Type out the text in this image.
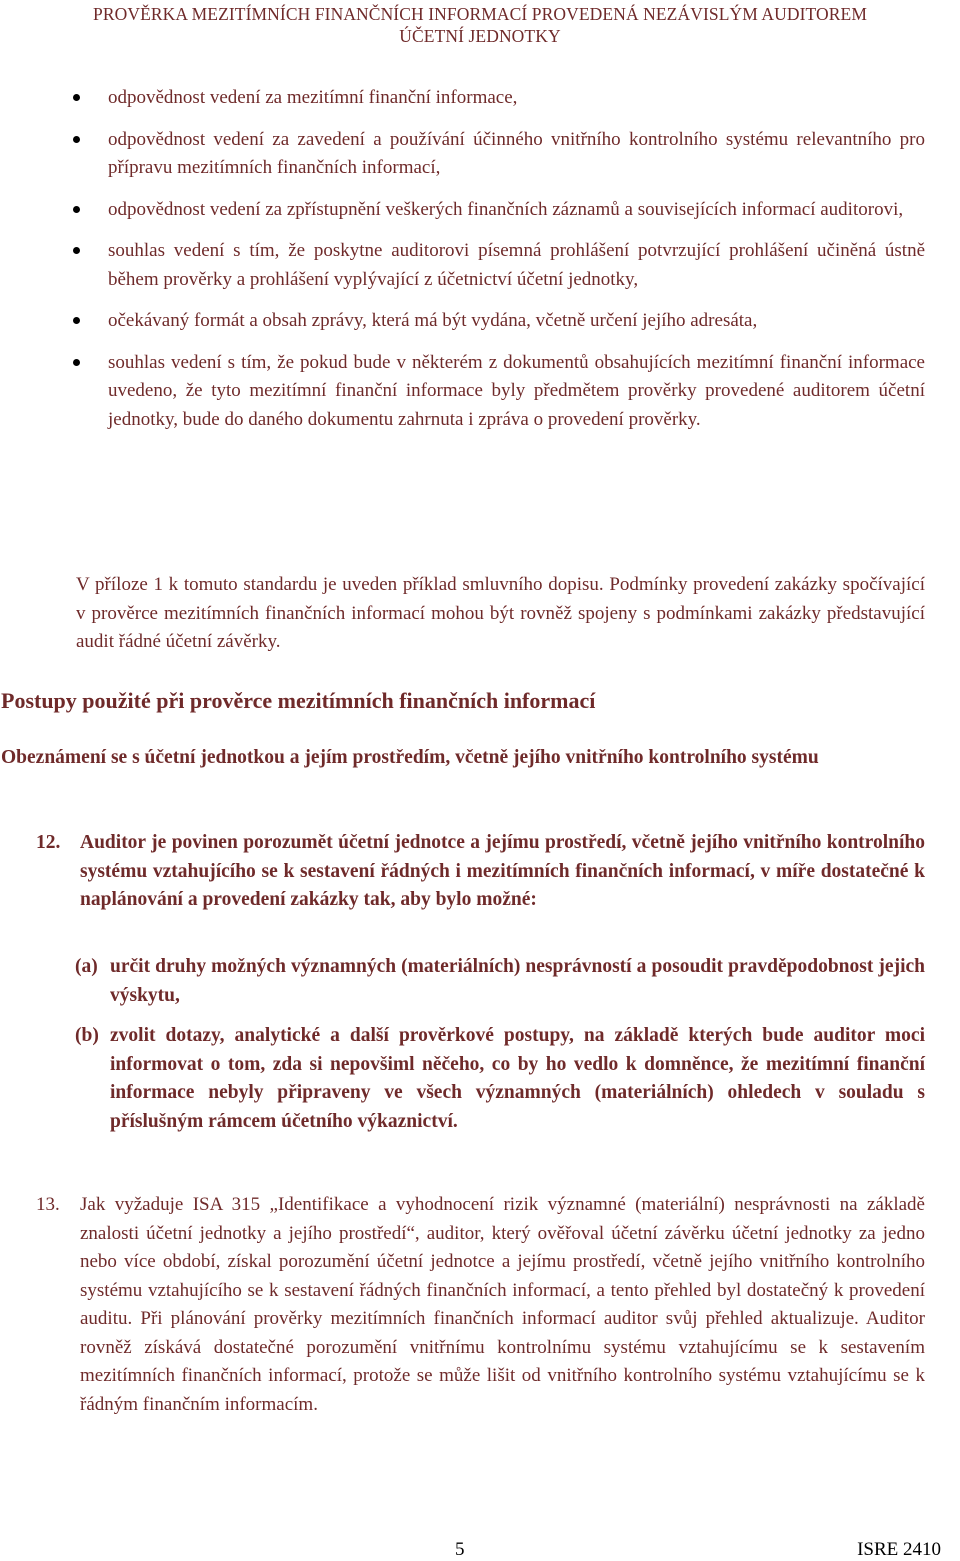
PROVĚRKA MEZITÍMNÍCH FINANČNÍCH INFORMACÍ PROVEDENÁ NEZÁVISLÝM AUDITOREM
ÚČETNÍ JEDNOTKY
odpovědnost vedení za mezitímní finanční informace,
odpovědnost vedení za zavedení a používání účinného vnitřního kontrolního systému relevantního pro přípravu mezitímních finančních informací,
odpovědnost vedení za zpřístupnění veškerých finančních záznamů a souvisejících informací auditorovi,
souhlas vedení s tím, že poskytne auditorovi písemná prohlášení potvrzující prohlášení učiněná ústně během prověrky a prohlášení vyplývající z účetnictví účetní jednotky,
očekávaný formát a obsah zprávy, která má být vydána, včetně určení jejího adresáta,
souhlas vedení s tím, že pokud bude v některém z dokumentů obsahujících mezitímní finanční informace uvedeno, že tyto mezitímní finanční informace byly předmětem prověrky provedené auditorem účetní jednotky, bude do daného dokumentu zahrnuta i zpráva o provedení prověrky.
V příloze 1 k tomuto standardu je uveden příklad smluvního dopisu. Podmínky provedení zakázky spočívající v prověrce mezitímních finančních informací mohou být rovněž spojeny s podmínkami zakázky představující audit řádné účetní závěrky.
Postupy použité při prověrce mezitímních finančních informací
Obeznámení se s účetní jednotkou a jejím prostředím, včetně jejího vnitřního kontrolního systému
12. Auditor je povinen porozumět účetní jednotce a jejímu prostředí, včetně jejího vnitřního kontrolního systému vztahujícího se k sestavení řádných i mezitímních finančních informací, v míře dostatečné k naplánování a provedení zakázky tak, aby bylo možné:
(a) určit druhy možných významných (materiálních) nesprávností a posoudit pravděpodobnost jejich výskytu,
(b) zvolit dotazy, analytické a další prověrkové postupy, na základě kterých bude auditor moci informovat o tom, zda si nepovšiml něčeho, co by ho vedlo k domněnce, že mezitímní finanční informace nebyly připraveny ve všech významných (materiálních) ohledech v souladu s příslušným rámcem účetního výkaznictví.
13. Jak vyžaduje ISA 315 „Identifikace a vyhodnocení rizik významné (materiální) nesprávnosti na základě znalosti účetní jednotky a jejího prostředí“, auditor, který ověřoval účetní závěrku účetní jednotky za jedno nebo více období, získal porozumění účetní jednotce a jejímu prostředí, včetně jejího vnitřního kontrolního systému vztahujícího se k sestavení řádných finančních informací, a tento přehled byl dostatečný k provedení auditu. Při plánování prověrky mezitímních finančních informací auditor svůj přehled aktualizuje. Auditor rovněž získává dostatečné porozumění vnitřnímu kontrolnímu systému vztahujícímu se k sestavením mezitímních finančních informací, protože se může lišit od vnitřního kontrolního systému vztahujícímu se k řádným finančním informacím.
5	ISRE 2410
